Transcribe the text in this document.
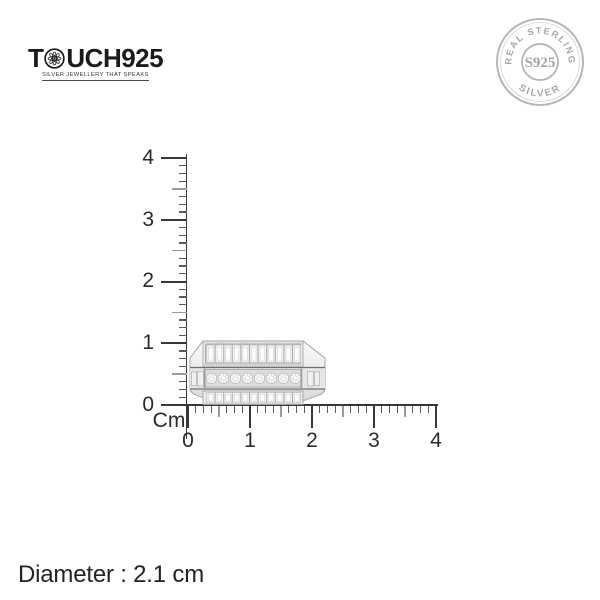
T UCH925
SILVER JEWELLERY THAT SPEAKS
REAL STERLING
SILVER
S925
4
3
2
1
0
0	1	2	3	4
Cm
Diameter : 2.1 cm
